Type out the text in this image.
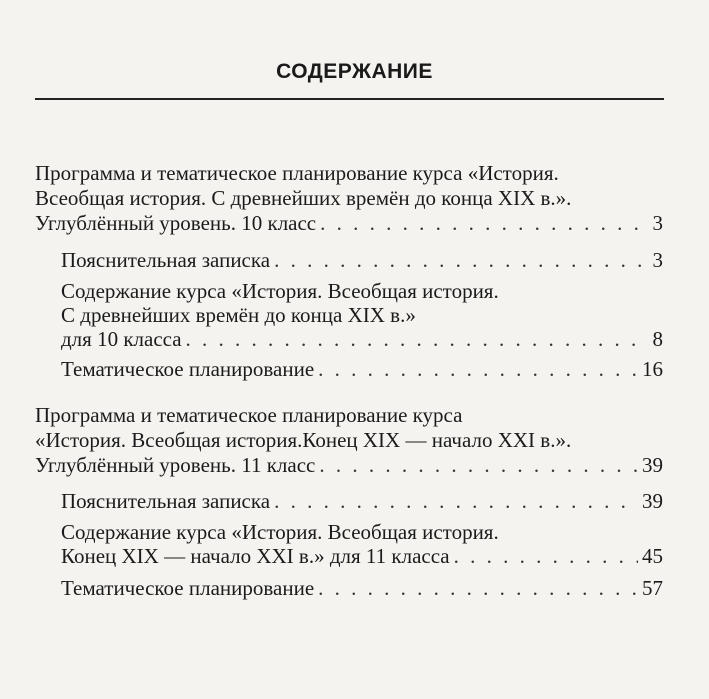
СОДЕРЖАНИЕ
Программа и тематическое планирование курса «История.
Всеобщая история. С древнейших времён до конца XIX в.».
Углублённый уровень. 10 класс . . .	3
Пояснительная записка . . .	3
Содержание курса «История. Всеобщая история.
С древнейших времён до конца XIX в.»
для 10 класса . . .	8
Тематическое планирование . . .	16
Программа и тематическое планирование курса
«История. Всеобщая история.Конец XIX — начало XXI в.».
Углублённый уровень. 11 класс . . .	39
Пояснительная записка . . .	39
Содержание курса «История. Всеобщая история.
Конец XIX — начало XXI в.» для 11 класса . . .	45
Тематическое планирование . . .	57
